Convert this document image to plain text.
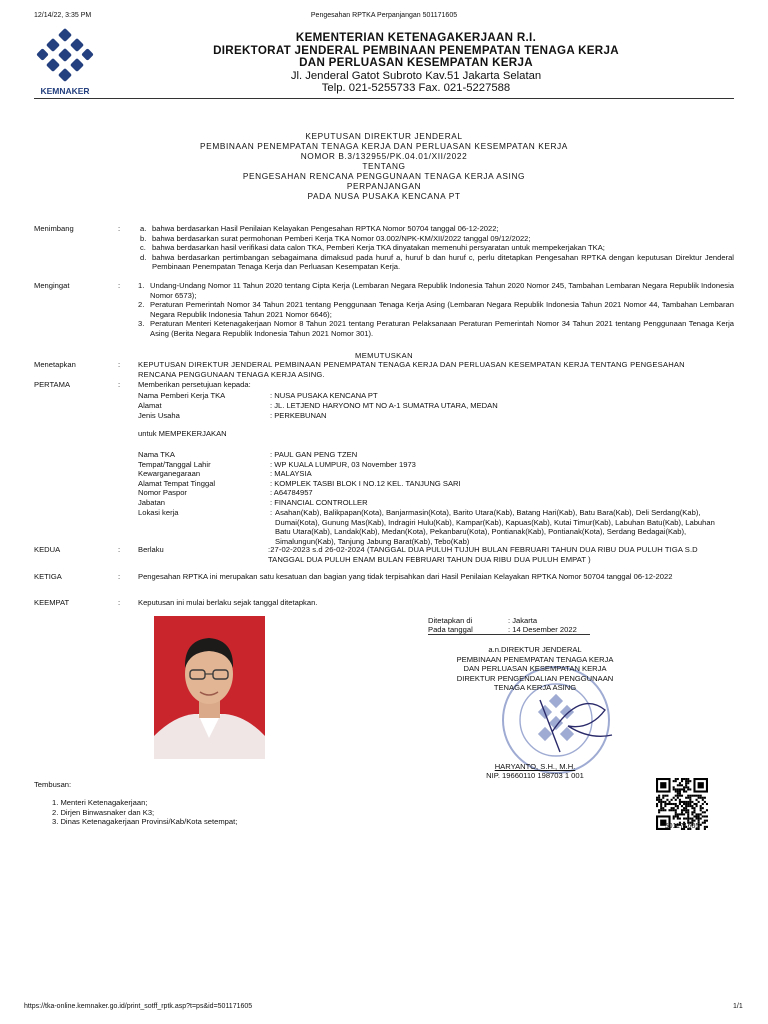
12/14/22, 3:35 PM	Pengesahan RPTKA Perpanjangan 501171605
KEMNAKER
KEMENTERIAN KETENAGAKERJAAN R.I.
DIREKTORAT JENDERAL PEMBINAAN PENEMPATAN TENAGA KERJA
DAN PERLUASAN KESEMPATAN KERJA
Jl. Jenderal Gatot Subroto Kav.51 Jakarta Selatan
Telp. 021-5255733 Fax. 021-5227588
KEPUTUSAN DIREKTUR JENDERAL
PEMBINAAN PENEMPATAN TENAGA KERJA DAN PERLUASAN KESEMPATAN KERJA
NOMOR B.3/132955/PK.04.01/XII/2022
TENTANG
PENGESAHAN RENCANA PENGGUNAAN TENAGA KERJA ASING
PERPANJANGAN
PADA NUSA PUSAKA KENCANA PT
Menimbang	:	a. bahwa berdasarkan Hasil Penilaian Kelayakan Pengesahan RPTKA Nomor 50704 tanggal 06-12-2022;
b. bahwa berdasarkan surat permohonan Pemberi Kerja TKA Nomor 03.002/NPK-KM/XII/2022 tanggal 09/12/2022;
c. bahwa berdasarkan hasil verifikasi data calon TKA, Pemberi Kerja TKA dinyatakan memenuhi persyaratan untuk mempekerjakan TKA;
d. bahwa berdasarkan pertimbangan sebagaimana dimaksud pada huruf a, huruf b dan huruf c, perlu ditetapkan Pengesahan RPTKA dengan keputusan Direktur Jenderal Pembinaan Penempatan Tenaga Kerja dan Perluasan Kesempatan Kerja.
Mengingat	: 1. Undang-Undang Nomor 11 Tahun 2020 tentang Cipta Kerja (Lembaran Negara Republik Indonesia Tahun 2020 Nomor 245, Tambahan Lembaran Negara Republik Indonesia Nomor 6573);
2. Peraturan Pemerintah Nomor 34 Tahun 2021 tentang Penggunaan Tenaga Kerja Asing (Lembaran Negara Republik Indonesia Tahun 2021 Nomor 44, Tambahan Lembaran Negara Republik Indonesia Tahun 2021 Nomor 6646);
3. Peraturan Menteri Ketenagakerjaan Nomor 8 Tahun 2021 tentang Peraturan Pelaksanaan Peraturan Pemerintah Nomor 34 Tahun 2021 tentang Penggunaan Tenaga Kerja Asing (Berita Negara Republik Indonesia Tahun 2021 Nomor 301).
MEMUTUSKAN
Menetapkan	: KEPUTUSAN DIREKTUR JENDERAL PEMBINAAN PENEMPATAN TENAGA KERJA DAN PERLUASAN KESEMPATAN KERJA TENTANG PENGESAHAN RENCANA PENGGUNAAN TENAGA KERJA ASING.
PERTAMA	: Memberikan persetujuan kepada:
Nama Pemberi Kerja TKA	: NUSA PUSAKA KENCANA PT
Alamat	: JL. LETJEND HARYONO MT NO A-1 SUMATRA UTARA, MEDAN
Jenis Usaha	: PERKEBUNAN
untuk MEMPEKERJAKAN
Nama TKA	: PAUL GAN PENG TZEN
Tempat/Tanggal Lahir	: WP KUALA LUMPUR, 03 November 1973
Kewarganegaraan	: MALAYSIA
Alamat Tempat Tinggal	: KOMPLEK TASBI BLOK I NO.12 KEL. TANJUNG SARI
Nomor Paspor	: A64784957
Jabatan	: FINANCIAL CONTROLLER
Lokasi kerja	: Asahan(Kab), Balikpapan(Kota), Banjarmasin(Kota), Barito Utara(Kab), Batang Hari(Kab), Batu Bara(Kab), Deli Serdang(Kab), Dumai(Kota), Gunung Mas(Kab), Indragiri Hulu(Kab), Kampar(Kab), Kapuas(Kab), Kutai Timur(Kab), Labuhan Batu(Kab), Labuhan Batu Utara(Kab), Landak(Kab), Medan(Kota), Pekanbaru(Kota), Pontianak(Kab), Pontianak(Kota), Serdang Bedagai(Kab), Simalungun(Kab), Tanjung Jabung Barat(Kab), Tebo(Kab)
KEDUA	: Berlaku	:27-02-2023 s.d 26-02-2024 (TANGGAL DUA PULUH TUJUH BULAN FEBRUARI TAHUN DUA RIBU DUA PULUH TIGA S.D TANGGAL DUA PULUH ENAM BULAN FEBRUARI TAHUN DUA RIBU DUA PULUH EMPAT )
KETIGA	: Pengesahan RPTKA ini merupakan satu kesatuan dan bagian yang tidak terpisahkan dari Hasil Penilaian Kelayakan RPTKA Nomor 50704 tanggal 06-12-2022
KEEMPAT	: Keputusan ini mulai berlaku sejak tanggal ditetapkan.
Ditetapkan di	: Jakarta
Pada tanggal	: 14 Desember 2022
a.n.DIREKTUR JENDERAL
PEMBINAAN PENEMPATAN TENAGA KERJA
DAN PERLUASAN KESEMPATAN KERJA
DIREKTUR PENGENDALIAN PENGGUNAAN
TENAGA KERJA ASING
HARYANTO, S.H., M.H.
NIP. 19660110 198703 1 001
Tembusan:
1. Menteri Ketenagakerjaan;
2. Dirjen Binwasnaker dan K3;
3. Dinas Ketenagakerjaan Provinsi/Kab/Kota setempat;
501171605
https://tka-online.kemnaker.go.id/print_sotff_rptk.asp?t=ps&id=501171605	1/1
